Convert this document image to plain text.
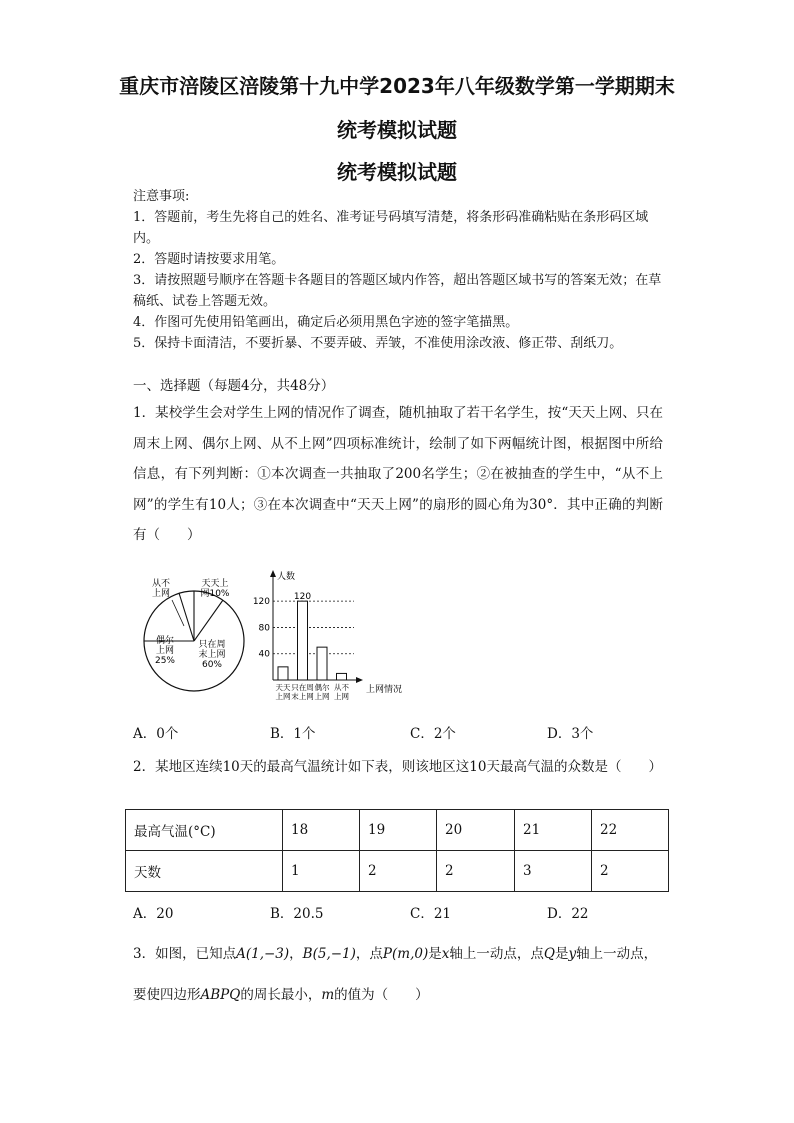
重庆市涪陵区涪陵第十九中学2023年八年级数学第一学期期末
统考模拟试题
统考模拟试题
注意事项:
1．答题前，考生先将自己的姓名、准考证号码填写清楚，将条形码准确粘贴在条形码区域内。
2．答题时请按要求用笔。
3．请按照题号顺序在答题卡各题目的答题区域内作答，超出答题区域书写的答案无效；在草稿纸、试卷上答题无效。
4．作图可先使用铅笔画出，确定后必须用黑色字迹的签字笔描黑。
5．保持卡面清洁，不要折暴、不要弄破、弄皱，不准使用涂改液、修正带、刮纸刀。
一、选择题（每题4分，共48分）
1．某校学生会对学生上网的情况作了调查，随机抽取了若干名学生，按“天天上网、只在周末上网、偶尔上网、从不上网”四项标准统计，绘制了如下两幅统计图，根据图中所给信息，有下列判断：①本次调查一共抽取了200名学生；②在被抽查的学生中，“从不上网”的学生有10人；③在本次调查中“天天上网”的扇形的圆心角为30°．其中正确的判断有（　　）
从不上网
天天上网10%
偶尔上网 25%
只在周末上网 60%
人数
上网情况
40
80
120
天天上网
只在周末上网
偶尔上网
从不上网
120
A．0个	B．1个	C．2个	D．3个
2．某地区连续10天的最高气温统计如下表，则该地区这10天最高气温的众数是（　　）
最高气温(°C)	18	19	20	21	22
天数	1	2	2	3	2
A．20	B．20.5	C．21	D．22
3．如图，已知点A(1,−3)，B(5,−1)，点P(m,0)是x轴上一动点，点Q是y轴上一动点，要使四边形ABPQ的周长最小，m的值为（　　）
